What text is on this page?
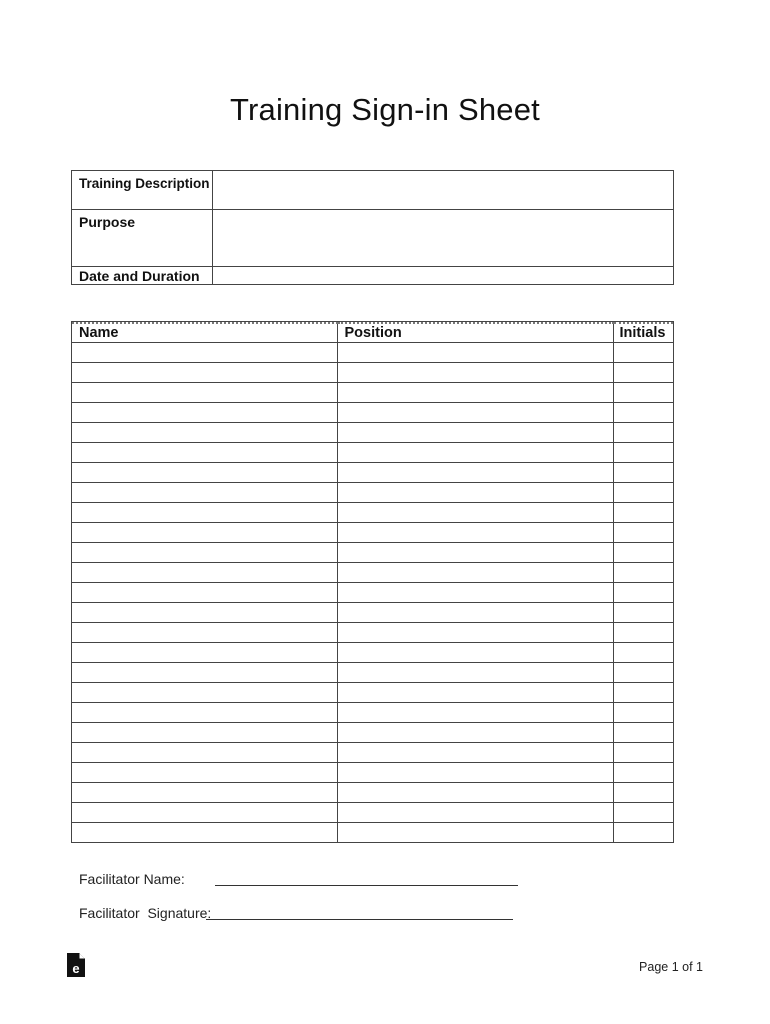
Training Sign-in Sheet
Training Description
Purpose
Date and Duration
Name	Position	Initials

Facilitator Name:
Facilitator  Signature:
e	Page 1 of 1
